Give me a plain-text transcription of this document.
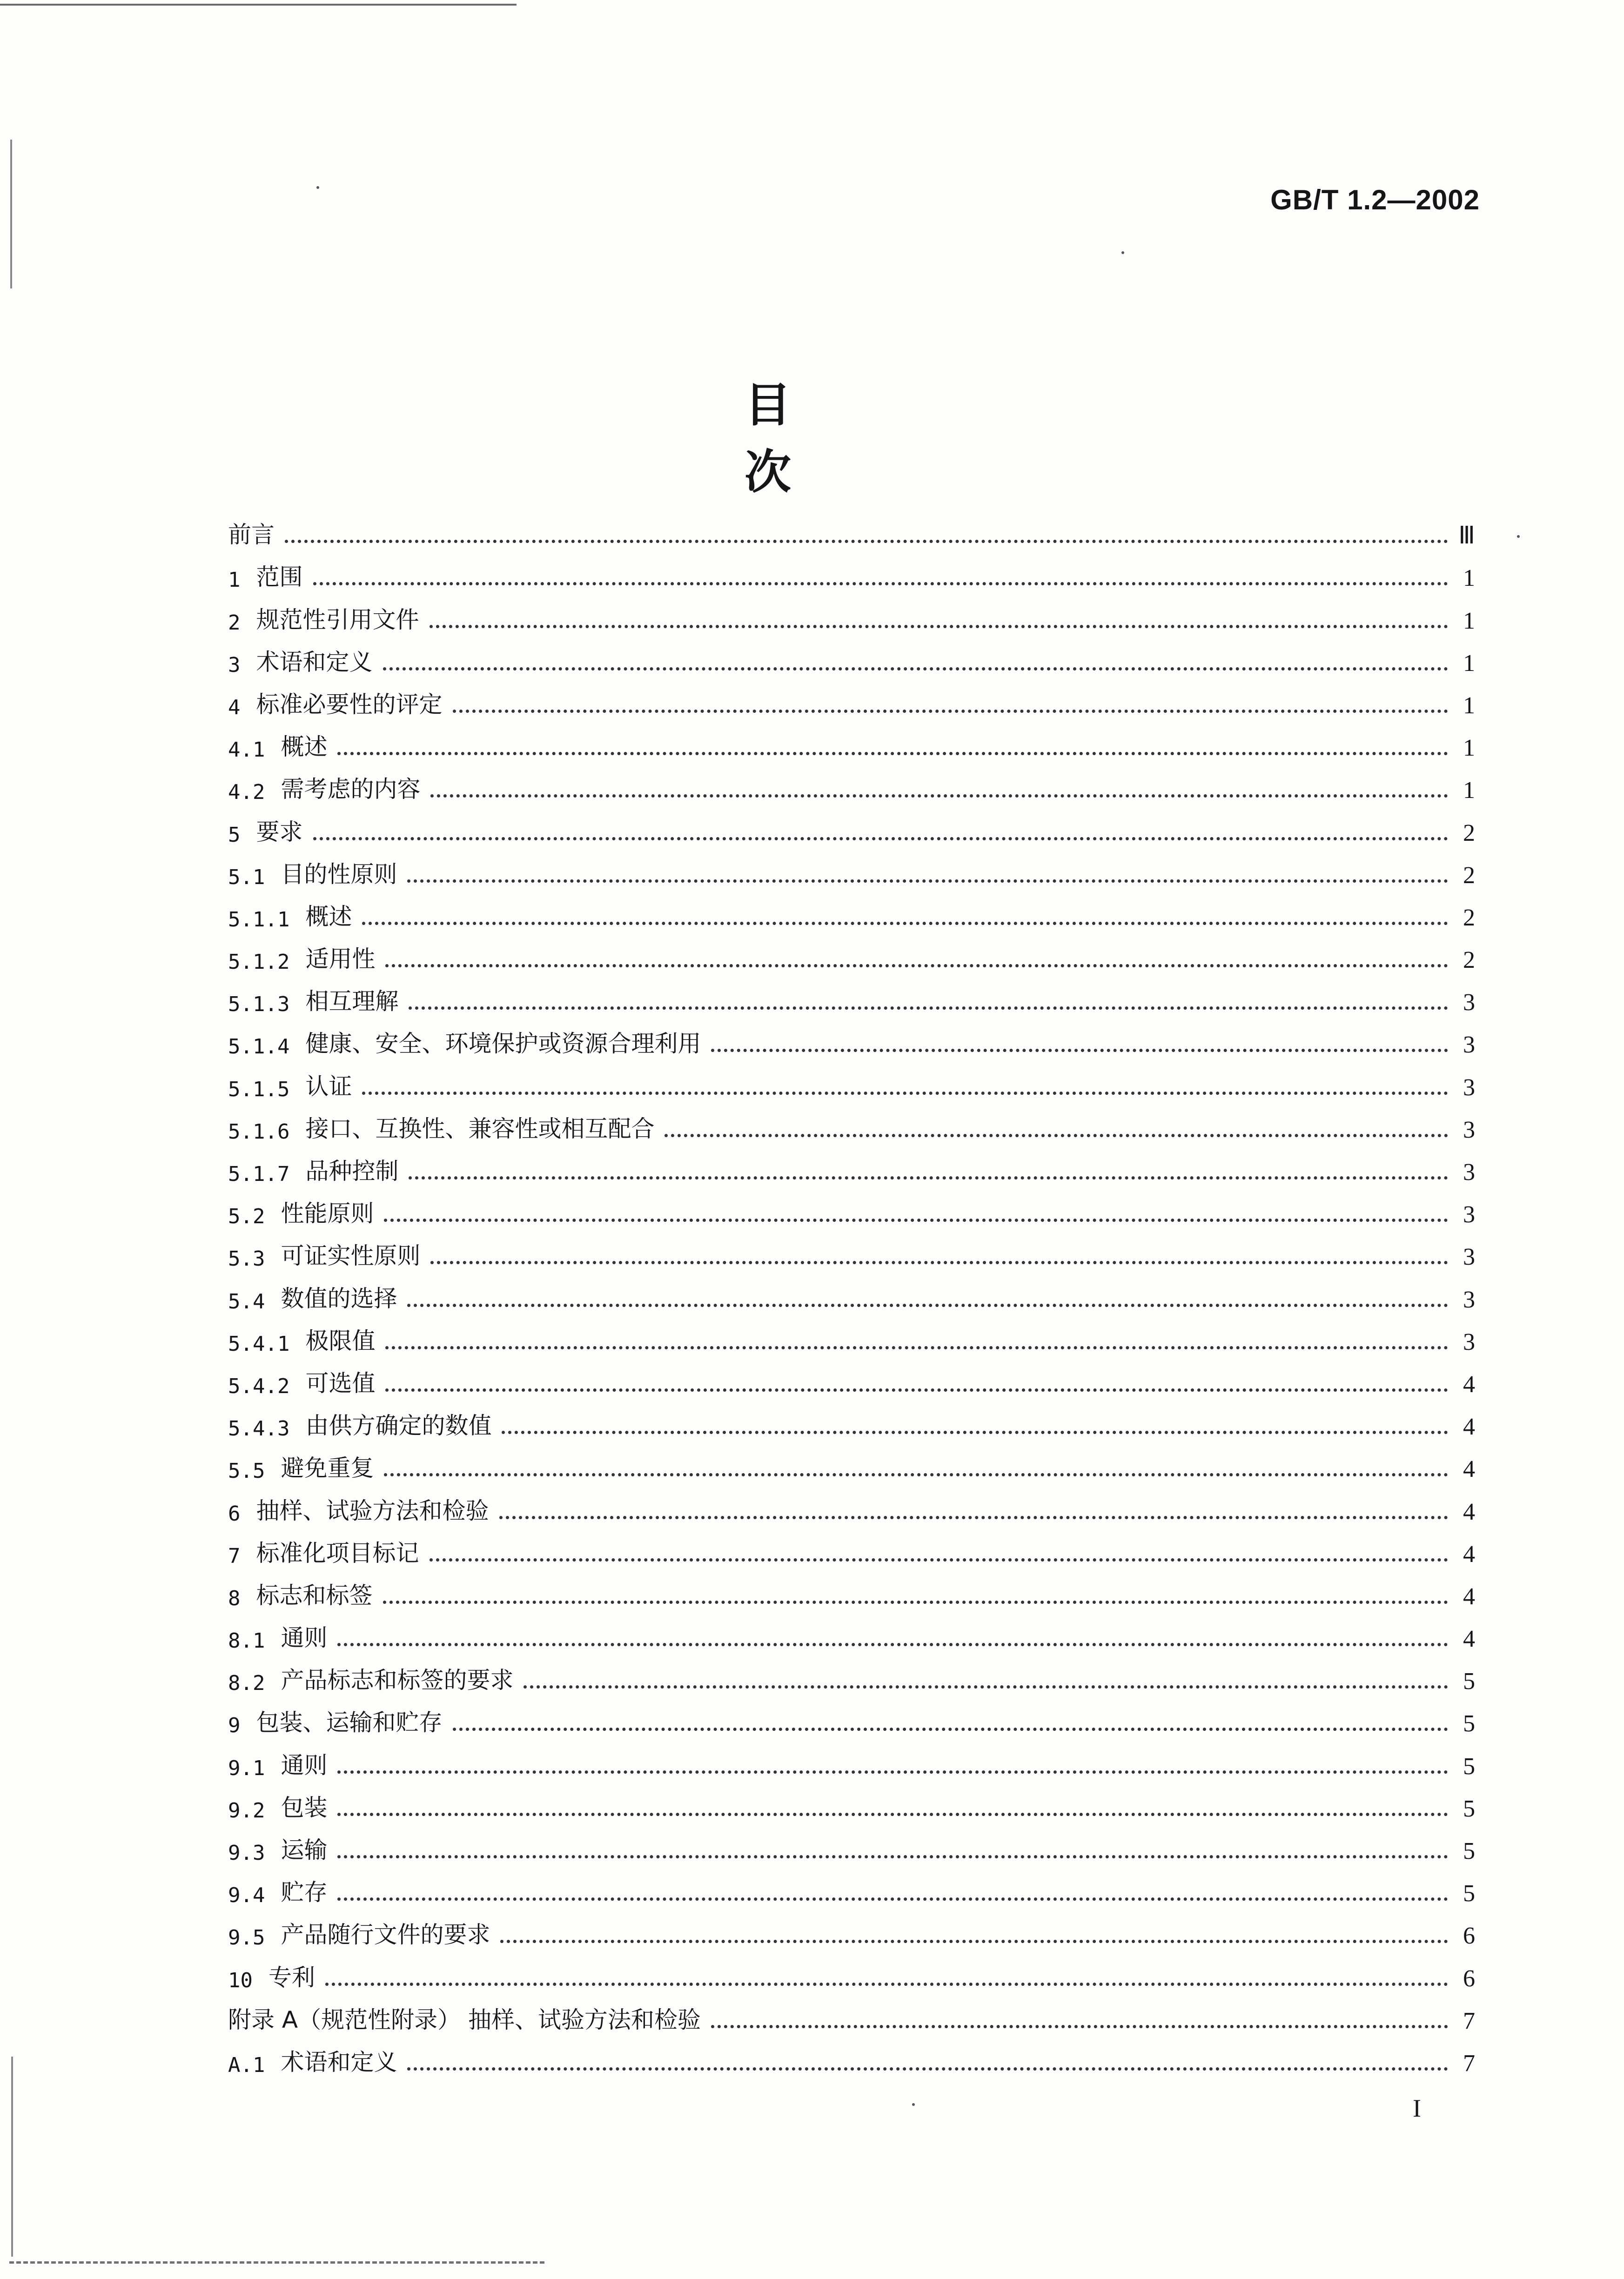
GB/T 1.2—2002
目 次
前言	Ⅲ
1 范围	1
2 规范性引用文件	1
3 术语和定义	1
4 标准必要性的评定	1
4.1 概述	1
4.2 需考虑的内容	1
5 要求	2
5.1 目的性原则	2
5.1.1 概述	2
5.1.2 适用性	2
5.1.3 相互理解	3
5.1.4 健康、安全、环境保护或资源合理利用	3
5.1.5 认证	3
5.1.6 接口、互换性、兼容性或相互配合	3
5.1.7 品种控制	3
5.2 性能原则	3
5.3 可证实性原则	3
5.4 数值的选择	3
5.4.1 极限值	3
5.4.2 可选值	4
5.4.3 由供方确定的数值	4
5.5 避免重复	4
6 抽样、试验方法和检验	4
7 标准化项目标记	4
8 标志和标签	4
8.1 通则	4
8.2 产品标志和标签的要求	5
9 包装、运输和贮存	5
9.1 通则	5
9.2 包装	5
9.3 运输	5
9.4 贮存	5
9.5 产品随行文件的要求	6
10 专利	6
附录 A（规范性附录） 抽样、试验方法和检验	7
A.1 术语和定义	7
I
